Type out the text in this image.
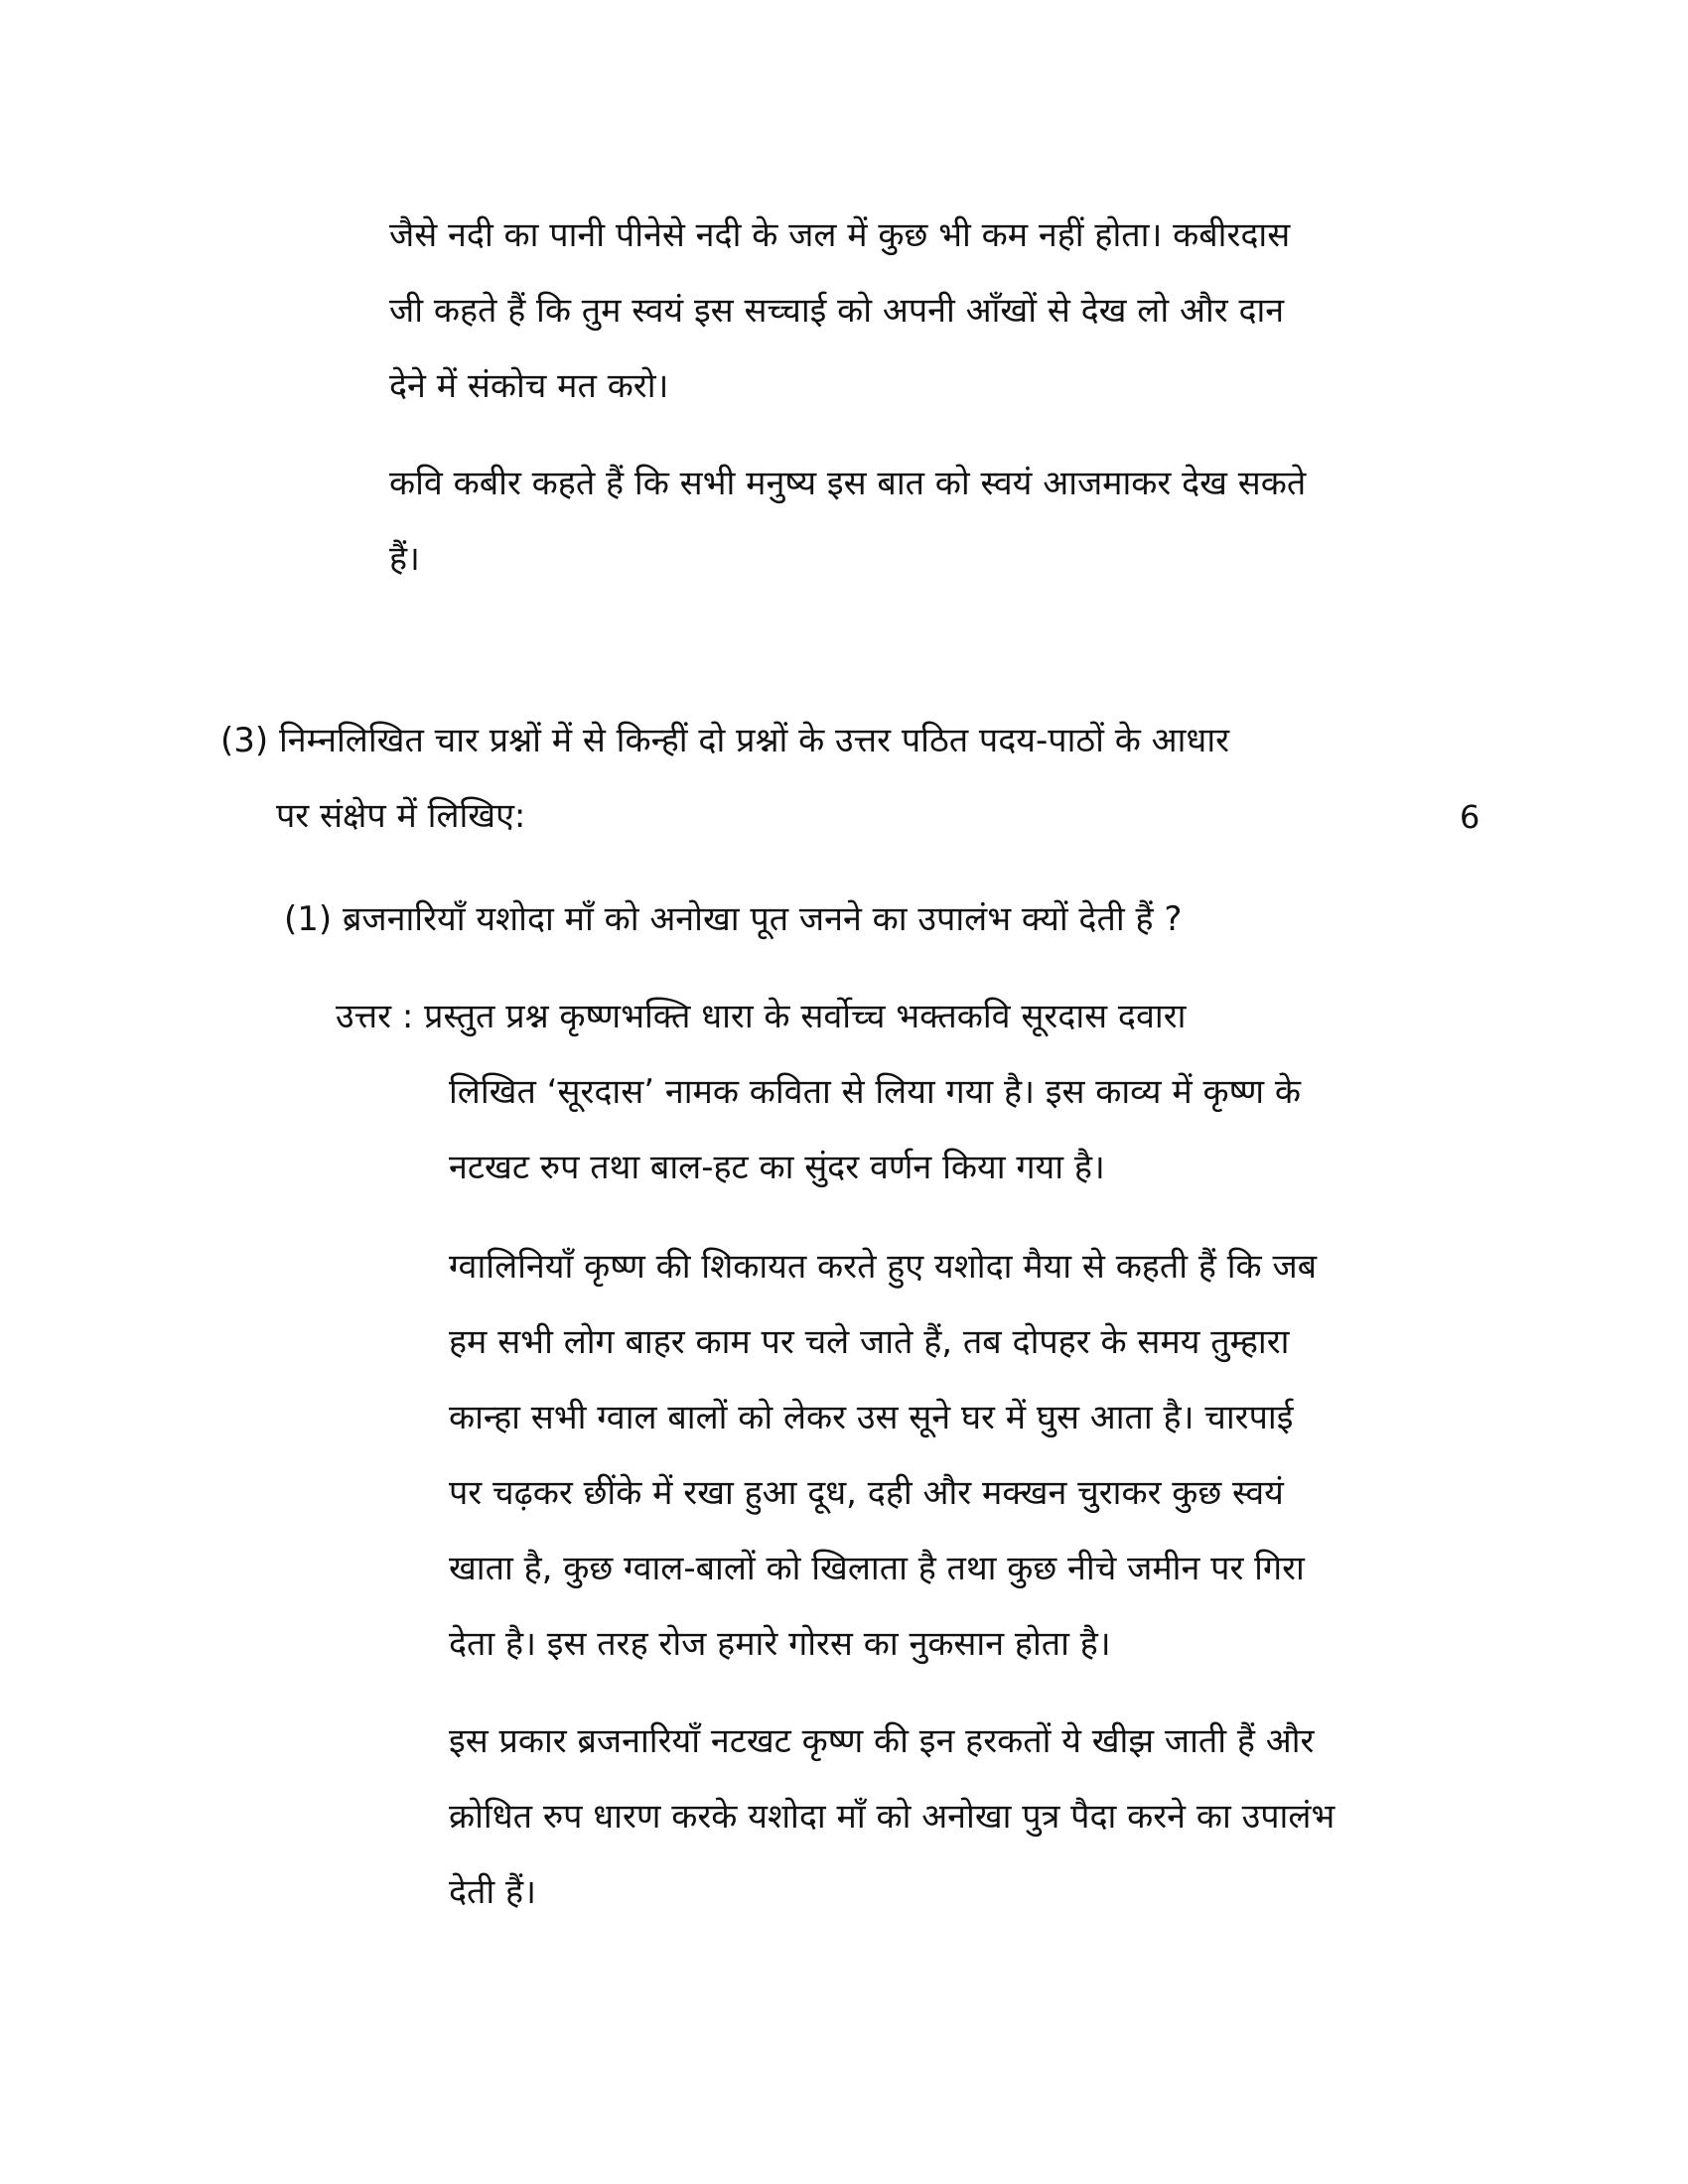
जैसे नदी का पानी पीनेसे नदी के जल में कुछ भी कम नहीं होता। कबीरदास
जी कहते हैं कि तुम स्वयं इस सच्चाई को अपनी आँखों से देख लो और दान
देने में संकोच मत करो।
कवि कबीर कहते हैं कि सभी मनुष्य इस बात को स्वयं आजमाकर देख सकते
हैं।
(3) निम्नलिखित चार प्रश्नों में से किन्हीं दो प्रश्नों के उत्तर पठित पदय-पाठों के आधार
पर संक्षेप में लिखिए:	6
(1) ब्रजनारियाँ यशोदा माँ को अनोखा पूत जनने का उपालंभ क्यों देती हैं ?
उत्तर : प्रस्तुत प्रश्न कृष्णभक्ति धारा के सर्वोच्च भक्तकवि सूरदास दवारा
लिखित ‘सूरदास’ नामक कविता से लिया गया है। इस काव्य में कृष्ण के
नटखट रुप तथा बाल-हट का सुंदर वर्णन किया गया है।
ग्वालिनियाँ कृष्ण की शिकायत करते हुए यशोदा मैया से कहती हैं कि जब
हम सभी लोग बाहर काम पर चले जाते हैं, तब दोपहर के समय तुम्हारा
कान्हा सभी ग्वाल बालों को लेकर उस सूने घर में घुस आता है। चारपाई
पर चढ़कर छींके में रखा हुआ दूध, दही और मक्खन चुराकर कुछ स्वयं
खाता है, कुछ ग्वाल-बालों को खिलाता है तथा कुछ नीचे जमीन पर गिरा
देता है। इस तरह रोज हमारे गोरस का नुकसान होता है।
इस प्रकार ब्रजनारियाँ नटखट कृष्ण की इन हरकतों ये खीझ जाती हैं और
क्रोधित रुप धारण करके यशोदा माँ को अनोखा पुत्र पैदा करने का उपालंभ
देती हैं।
